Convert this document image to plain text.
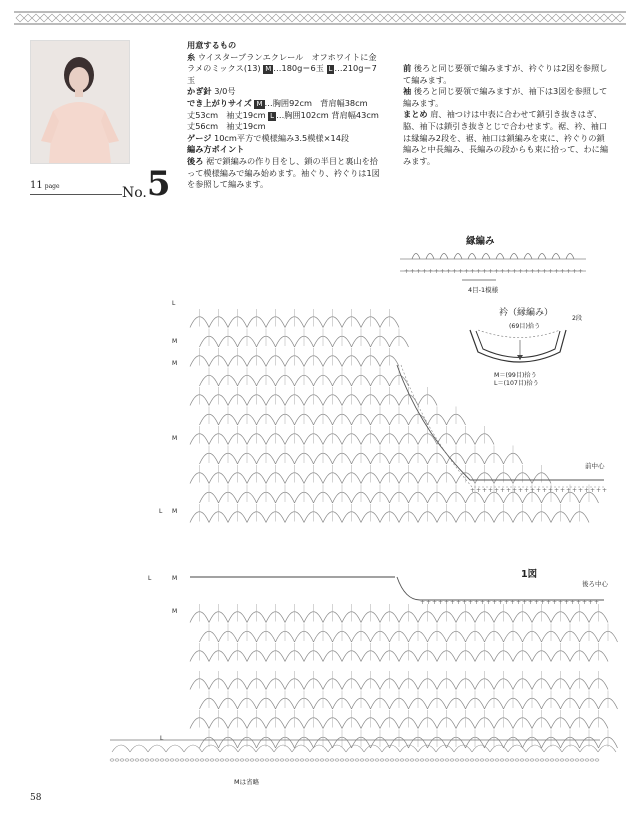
+ + + + + + + + + + + + + + + + + + + + + + + + + + + + + +
+ + + + + + + + + + + + + + + + + + + + + + +
+ + + + + + + + + + + + + + + + + + + + + + + + + + + + + +
11 page	No.5
用意するもの
糸 ウイスタープランエクレール　オフホワイトに金ラメのミックス(13) M …180g＝6玉 L …210g＝7玉
かぎ針 3/0号
でき上がりサイズ M …胸囲92cm　背肩幅38cm　丈53cm　袖丈19cm L …胸囲102cm 背肩幅43cm　丈56cm　袖丈19cm
ゲージ 10cm平方で模様編み3.5模様×14段
編み方ポイント
後ろ 裾で鎖編みの作り目をし、鎖の半目と裏山を拾って模様編みで編み始めます。袖ぐり、衿ぐりは1図を参照して編みます。
前 後ろと同じ要領で編みますが、衿ぐりは2図を参照して編みます。
袖 後ろと同じ要領で編みますが、袖下は3図を参照して編みます。
まとめ 肩、袖つけは中表に合わせて鎖引き抜きはぎ、脇、袖下は鎖引き抜きとじで合わせます。裾、衿、袖口は縁編み2段を、裾、袖口は鎖編みを束に、衿ぐりの鎖編みと中長編み、長編みの段からも束に拾って、わに編みます。
縁編み
4目-1模様
衿（縁編み）
(69目)拾う
2段
M＝(99目)拾う
L＝(107目)拾う
前中心
1図
後ろ中心
Mは省略
L
M
M
M
L M
L	M
M
L
58
